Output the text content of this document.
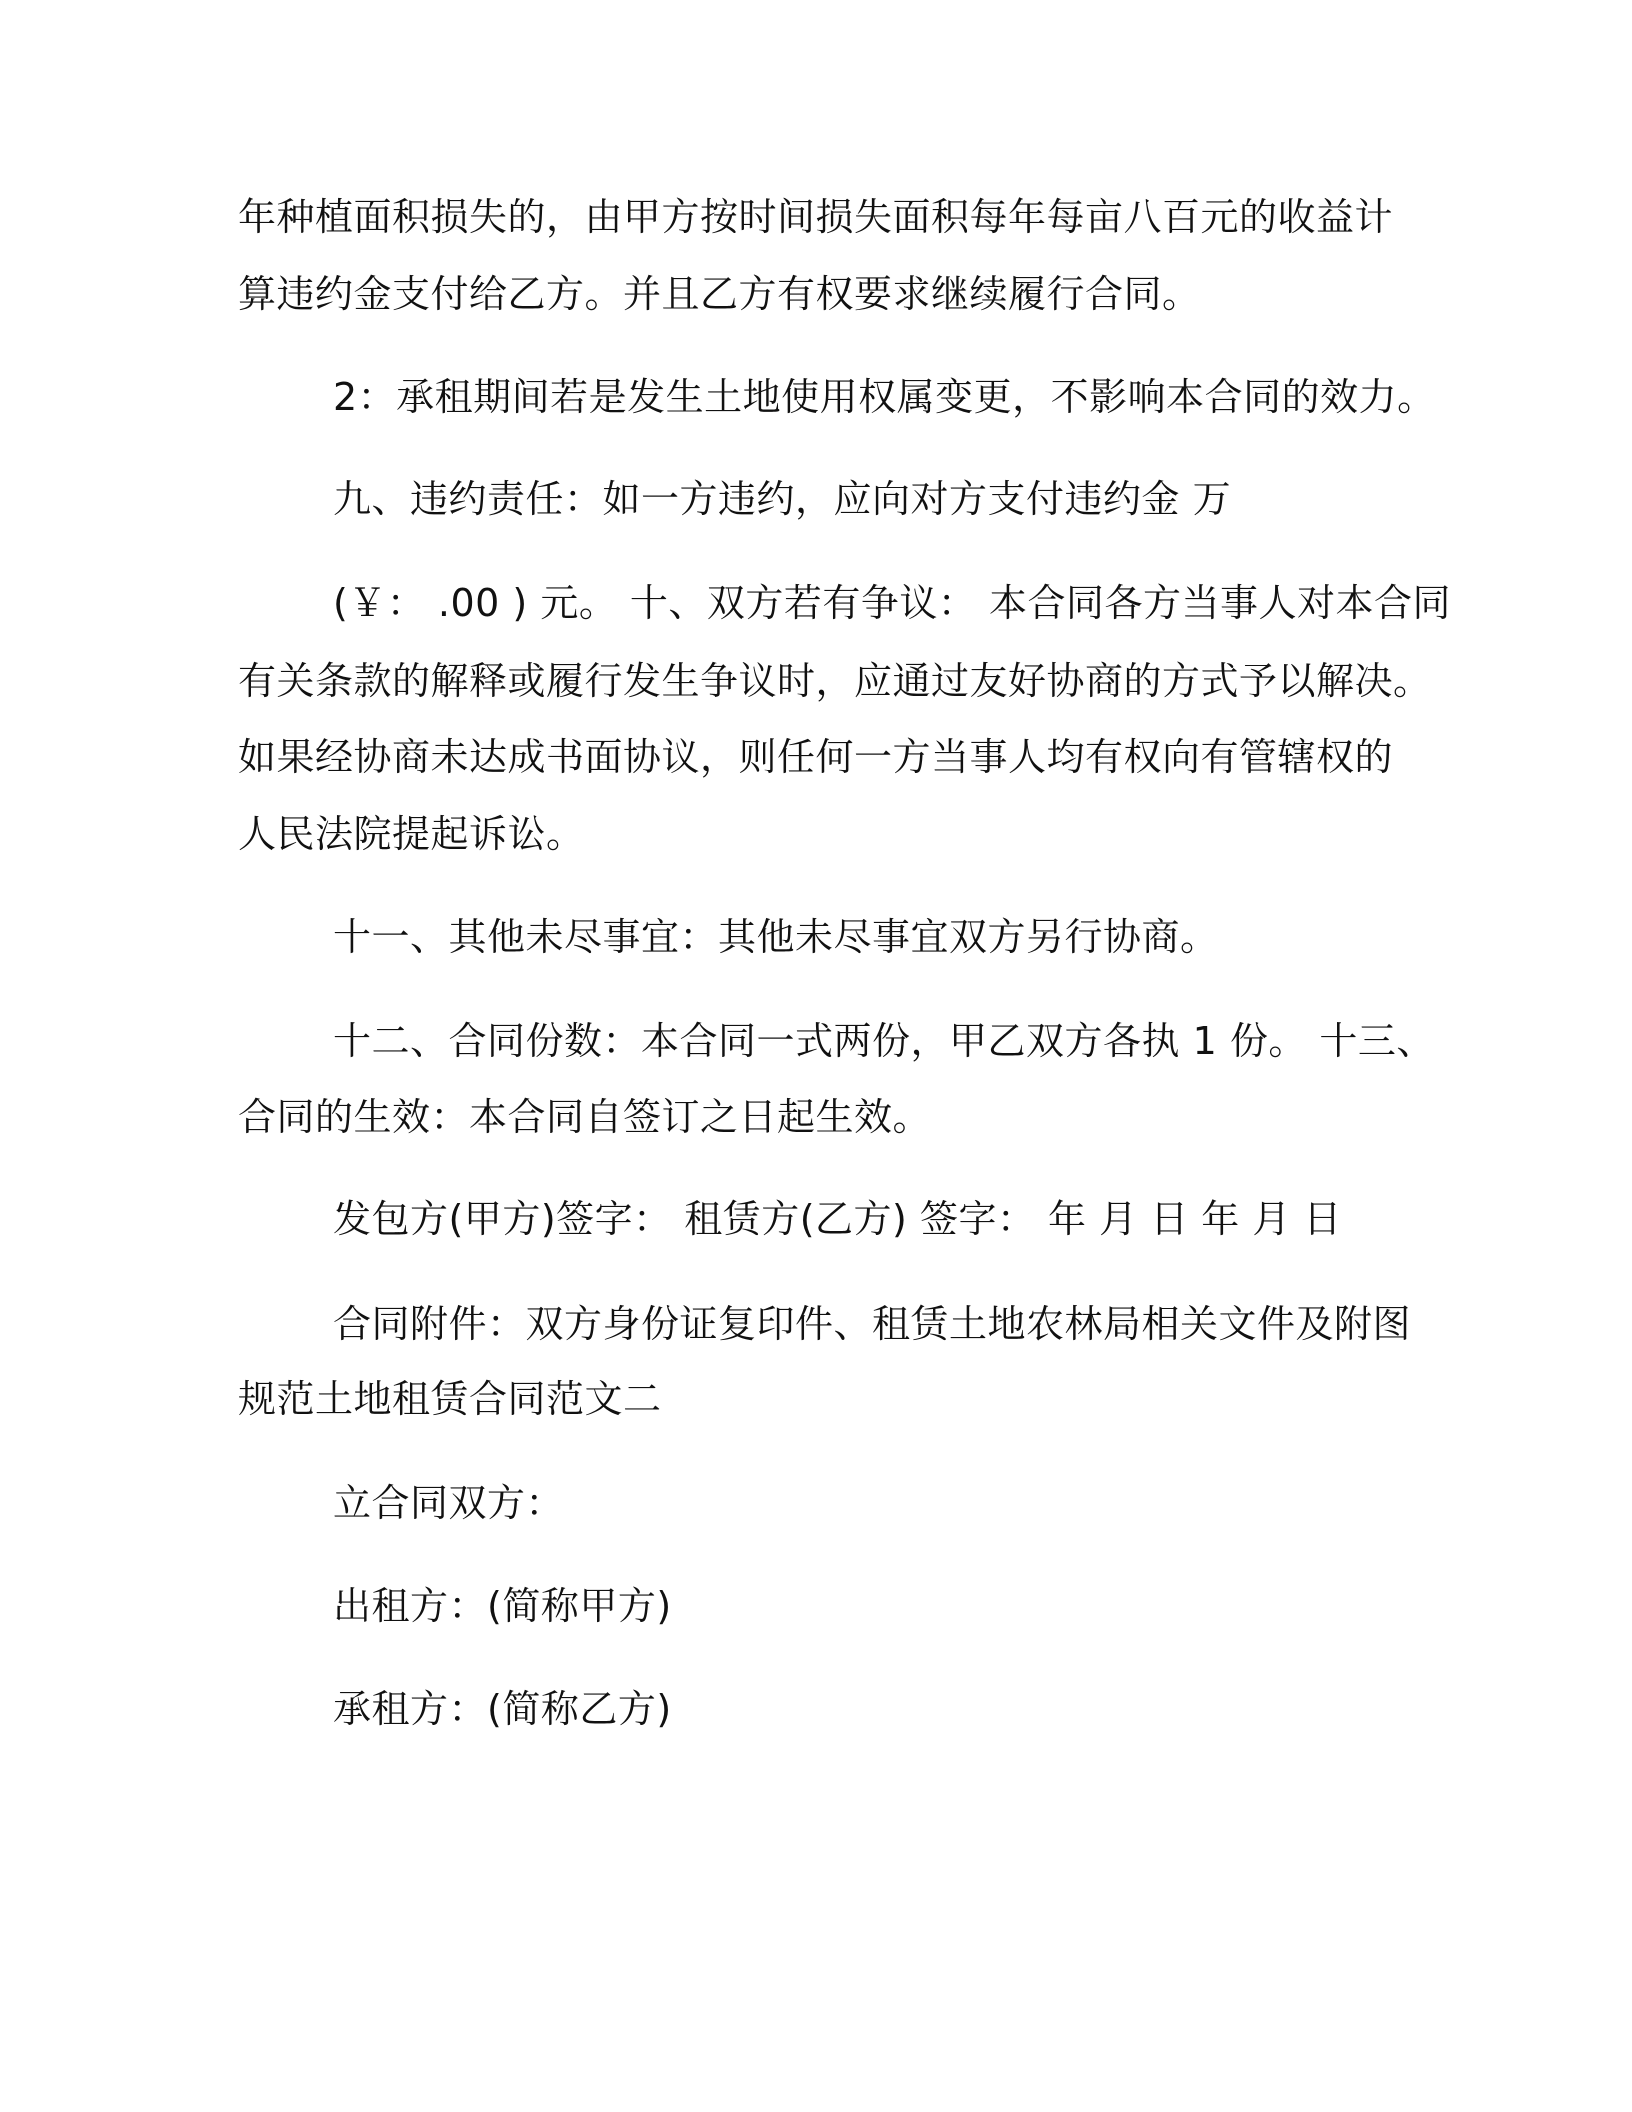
年种植面积损失的，由甲方按时间损失面积每年每亩八百元的收益计
算违约金支付给乙方。并且乙方有权要求继续履行合同。
2：承租期间若是发生土地使用权属变更，不影响本合同的效力。
九、违约责任：如一方违约，应向对方支付违约金 万
(￥： .00 ) 元。 十、双方若有争议： 本合同各方当事人对本合同
有关条款的解释或履行发生争议时，应通过友好协商的方式予以解决。
如果经协商未达成书面协议，则任何一方当事人均有权向有管辖权的
人民法院提起诉讼。
十一、其他未尽事宜：其他未尽事宜双方另行协商。
十二、合同份数：本合同一式两份，甲乙双方各执 1 份。 十三、
合同的生效：本合同自签订之日起生效。
发包方(甲方)签字： 租赁方(乙方) 签字： 年 月 日 年 月 日
合同附件：双方身份证复印件、租赁土地农林局相关文件及附图
规范土地租赁合同范文二
立合同双方：
出租方：(简称甲方)
承租方：(简称乙方)
